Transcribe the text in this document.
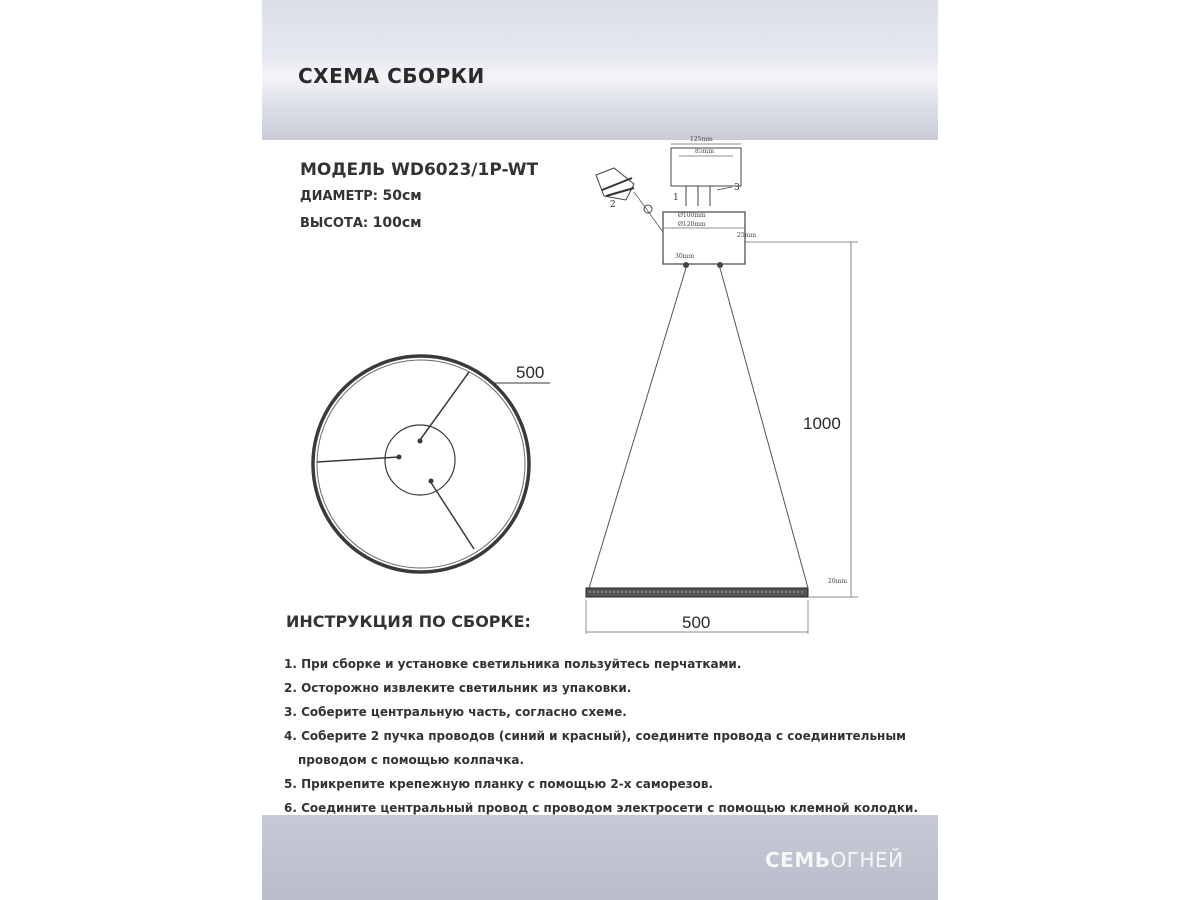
СХЕМА СБОРКИ
МОДЕЛЬ WD6023/1P-WT
ДИАМЕТР: 50см
ВЫСОТА: 100см
500
125mm
85mm
Ø100mm
Ø120mm
25mm
30mm
1
2
3
1000
20mm
500
ИНСТРУКЦИЯ ПО СБОРКЕ:
1. При сборке и установке светильника пользуйтесь перчатками.
2. Осторожно извлеките светильник из упаковки.
3. Соберите центральную часть, согласно схеме.
4. Соберите 2 пучка проводов (синий и красный), соедините провода с соединительным
проводом с помощью колпачка.
5. Прикрепите крепежную планку с помощью 2-х саморезов.
6. Соедините центральный провод с проводом электросети с помощью клемной колодки.
СЕМЬОГНЕЙ
